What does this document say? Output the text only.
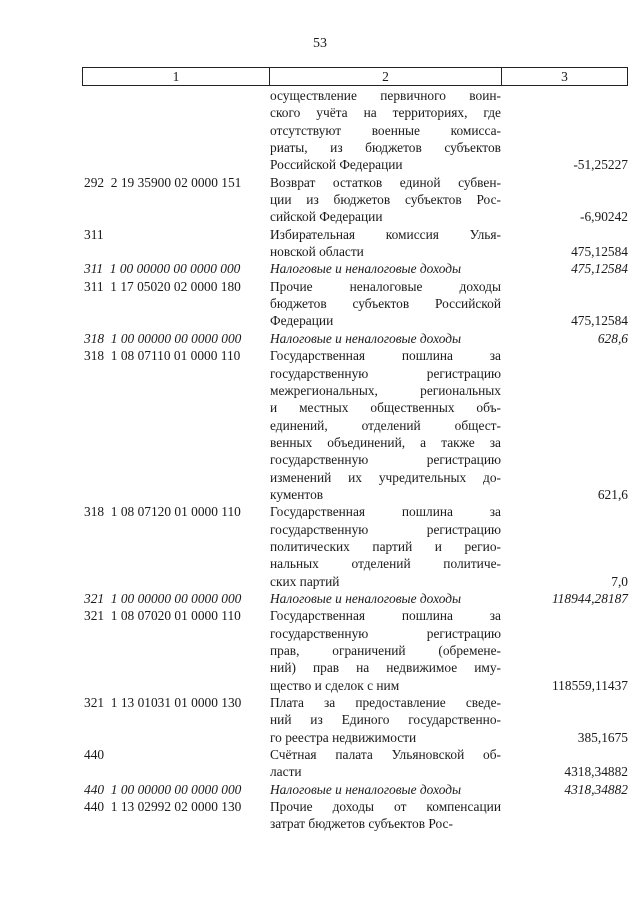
53
1	2	3
осуществление первичного воин-
ского учёта на территориях, где
отсутствуют военные комисса-
риаты, из бюджетов субъектов
Российской Федерации	-51,25227
292  2 19 35900 02 0000 151	Возврат остатков единой субвен-
ции из бюджетов субъектов Рос-
сийской Федерации	-6,90242
311	Избирательная комиссия Улья-
новской области	475,12584
311  1 00 00000 00 0000 000	Налоговые и неналоговые доходы	475,12584
311  1 17 05020 02 0000 180	Прочие неналоговые доходы
бюджетов субъектов Российской
Федерации	475,12584
318  1 00 00000 00 0000 000	Налоговые и неналоговые доходы	628,6
318  1 08 07110 01 0000 110	Государственная пошлина за
государственную регистрацию
межрегиональных, региональных
и местных общественных объ-
единений, отделений общест-
венных объединений, а также за
государственную регистрацию
изменений их учредительных до-
кументов	621,6
318  1 08 07120 01 0000 110	Государственная пошлина за
государственную регистрацию
политических партий и регио-
нальных отделений политиче-
ских партий	7,0
321  1 00 00000 00 0000 000	Налоговые и неналоговые доходы	118944,28187
321  1 08 07020 01 0000 110	Государственная пошлина за
государственную регистрацию
прав, ограничений (обремене-
ний) прав на недвижимое иму-
щество и сделок с ним	118559,11437
321  1 13 01031 01 0000 130	Плата за предоставление сведе-
ний из Единого государственно-
го реестра недвижимости	385,1675
440	Счётная палата Ульяновской об-
ласти	4318,34882
440  1 00 00000 00 0000 000	Налоговые и неналоговые доходы	4318,34882
440  1 13 02992 02 0000 130	Прочие доходы от компенсации
затрат бюджетов субъектов Рос-
